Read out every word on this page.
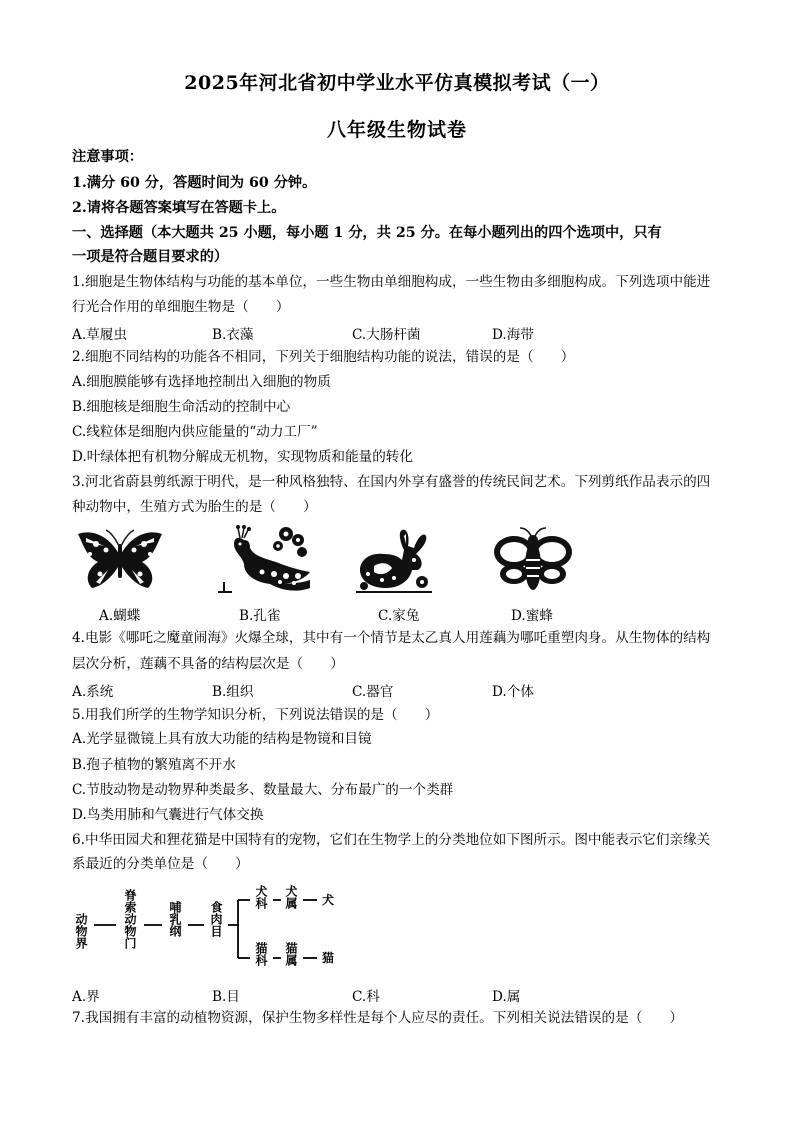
2025年河北省初中学业水平仿真模拟考试（一）
八年级生物试卷
注意事项：
1.满分 60 分，答题时间为 60 分钟。
2.请将各题答案填写在答题卡上。
一、选择题（本大题共 25 小题，每小题 1 分，共 25 分。在每小题列出的四个选项中，只有
一项是符合题目要求的）
1.细胞是生物体结构与功能的基本单位，一些生物由单细胞构成，一些生物由多细胞构成。下列选项中能进
行光合作用的单细胞生物是（　　）
A.草履虫	B.衣藻	C.大肠杆菌	D.海带
2.细胞不同结构的功能各不相同，下列关于细胞结构功能的说法，错误的是（　　）
A.细胞膜能够有选择地控制出入细胞的物质
B.细胞核是细胞生命活动的控制中心
C.线粒体是细胞内供应能量的“动力工厂”
D.叶绿体把有机物分解成无机物，实现物质和能量的转化
3.河北省蔚县剪纸源于明代，是一种风格独特、在国内外享有盛誉的传统民间艺术。下列剪纸作品表示的四
种动物中，生殖方式为胎生的是（　　）
A.蝴蝶	B.孔雀	C.家兔	D.蜜蜂
4.电影《哪吒之魔童闹海》火爆全球，其中有一个情节是太乙真人用莲藕为哪吒重塑肉身。从生物体的结构
层次分析，莲藕不具备的结构层次是（　　）
A.系统	B.组织	C.器官	D.个体
5.用我们所学的生物学知识分析，下列说法错误的是（　　）
A.光学显微镜上具有放大功能的结构是物镜和目镜
B.孢子植物的繁殖离不开水
C.节肢动物是动物界种类最多、数量最大、分布最广的一个类群
D.鸟类用肺和气囊进行气体交换
6.中华田园犬和狸花猫是中国特有的宠物，它们在生物学上的分类地位如下图所示。图中能表示它们亲缘关
系最近的分类单位是（　　）
动物界	脊索动物门	哺乳纲 食肉目
犬科 犬属 犬
猫科 猫属 猫
A.界	B.目	C.科	D.属
7.我国拥有丰富的动植物资源，保护生物多样性是每个人应尽的责任。下列相关说法错误的是（　　）
